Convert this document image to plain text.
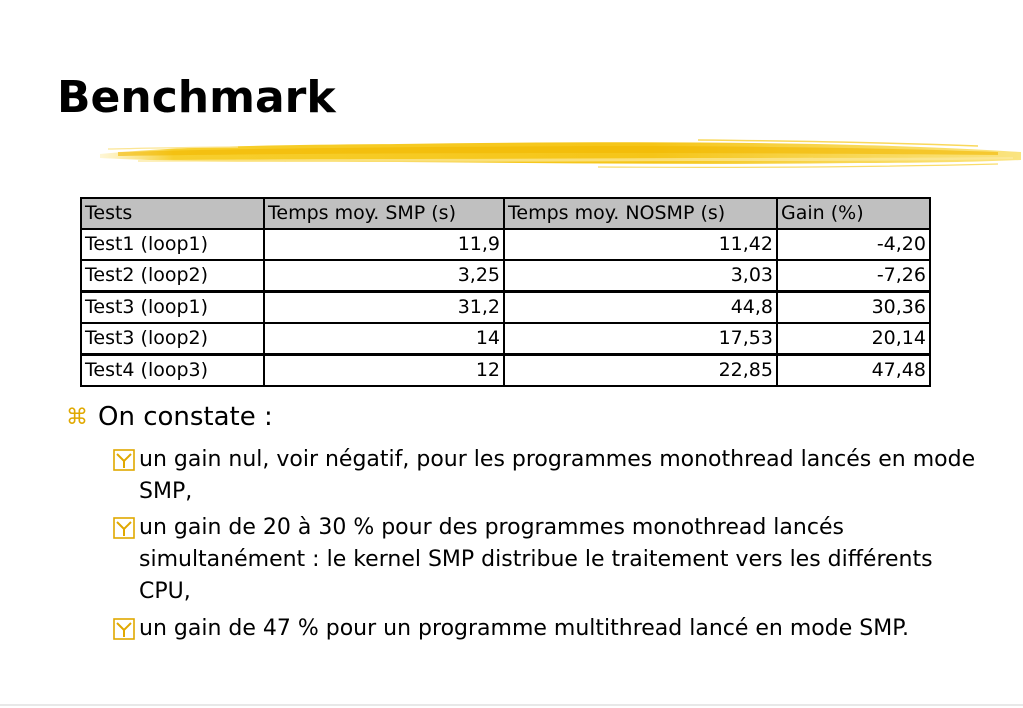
Benchmark
Tests	Temps moy. SMP (s)	Temps moy. NOSMP (s)	Gain (%)
Test1 (loop1)	11,9	11,42	-4,20
Test2 (loop2)	3,25	3,03	-7,26
Test3 (loop1)	31,2	44,8	30,36
Test3 (loop2)	14	17,53	20,14
Test4 (loop3)	12	22,85	47,48
⌘ On constate :
un gain nul, voir négatif, pour les programmes monothread lancés en mode SMP,
un gain de 20 à 30 % pour des programmes monothread lancés simultanément : le kernel SMP distribue le traitement vers les différents CPU,
un gain de 47 % pour un programme multithread lancé en mode SMP.
